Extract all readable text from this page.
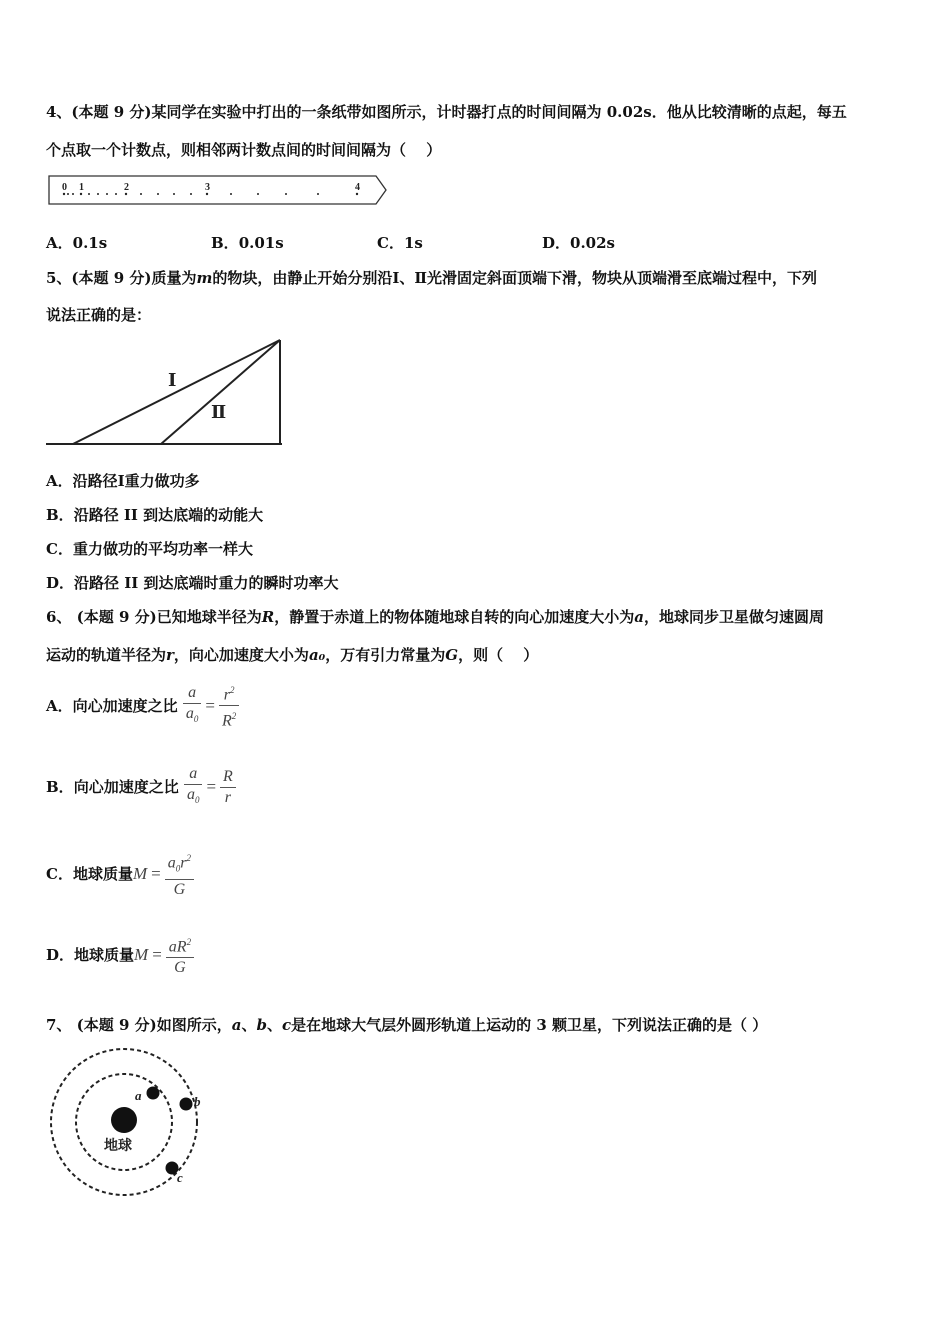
4、(本题 9 分)某同学在实验中打出的一条纸带如图所示，计时器打点的时间间隔为 0.02s．他从比较清晰的点起，每五
个点取一个计数点，则相邻两计数点间的时间间隔为（　 ）
0 1	2	3	4
A．0.1s	B．0.01s	C．1s	D．0.02s
5、(本题 9 分)质量为m的物块，由静止开始分别沿Ⅰ、Ⅱ光滑固定斜面顶端下滑，物块从顶端滑至底端过程中，下列
说法正确的是：
Ⅰ
Ⅱ
A．沿路径Ⅰ重力做功多
B．沿路径 II 到达底端的动能大
C．重力做功的平均功率一样大
D．沿路径 II 到达底端时重力的瞬时功率大
6、 (本题 9 分)已知地球半径为R，静置于赤道上的物体随地球自转的向心加速度大小为a，地球同步卫星做匀速圆周
运动的轨道半径为r，向心加速度大小为a₀，万有引力常量为G，则（　 ）
A．向心加速度之比 $\frac{a}{a_0} = \frac{r^2}{R^2}$
B．向心加速度之比 $\frac{a}{a_0} = \frac{R}{r}$
C．地球质量$M = \frac{a_0r^2}{G}$
D．地球质量$M = \frac{aR^2}{G}$
7、 (本题 9 分)如图所示，a、b、c是在地球大气层外圆形轨道上运动的 3 颗卫星，下列说法正确的是（ ）
地球
a	b
c
